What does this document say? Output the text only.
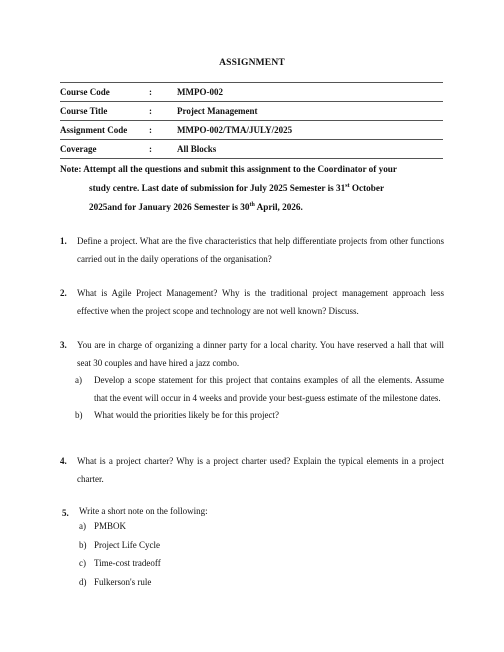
ASSIGNMENT
Course Code	:	MMPO-002
Course Title	:	Project Management
Assignment Code :	MMPO-002/TMA/JULY/2025
Coverage	:	All Blocks
Note: Attempt all the questions and submit this assignment to the Coordinator of your
study centre. Last date of submission for July 2025 Semester is 31st October
2025and for January 2026 Semester is 30th April, 2026.
1.	Define a project. What are the five characteristics that help differentiate projects from other functions carried out in the daily operations of the organisation?
2.	What is Agile Project Management? Why is the traditional project management approach less effective when the project scope and technology are not well known? Discuss.
3.	You are in charge of organizing a dinner party for a local charity. You have reserved a hall that will seat 30 couples and have hired a jazz combo.
a) Develop a scope statement for this project that contains examples of all the elements. Assume that the event will occur in 4 weeks and provide your best-guess estimate of the milestone dates.
b) What would the priorities likely be for this project?
4.	What is a project charter? Why is a project charter used? Explain the typical elements in a project charter.
5.	Write a short note on the following:
a) PMBOK
b) Project Life Cycle
c) Time-cost tradeoff
d) Fulkerson's rule
